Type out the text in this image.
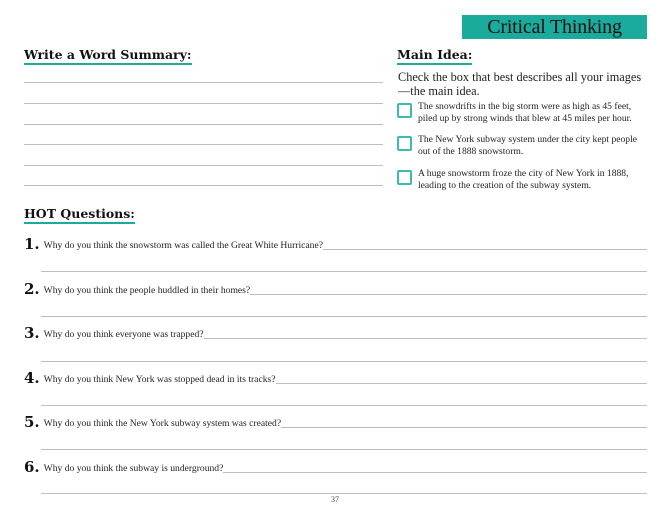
Critical Thinking
Write a Word Summary:	Main Idea:
Check the box that best describes all your images—the main idea.
The snowdrifts in the big storm were as high as 45 feet, piled up by strong winds that blew at 45 miles per hour.
The New York subway system under the city kept people out of the 1888 snowstorm.
A huge snowstorm froze the city of New York in 1888, leading to the creation of the subway system.
HOT Questions:
1. Why do you think the snowstorm was called the Great White Hurricane?
2. Why do you think the people huddled in their homes?
3. Why do you think everyone was trapped?
4. Why do you think New York was stopped dead in its tracks?
5. Why do you think the New York subway system was created?
6. Why do you think the subway is underground?
37
